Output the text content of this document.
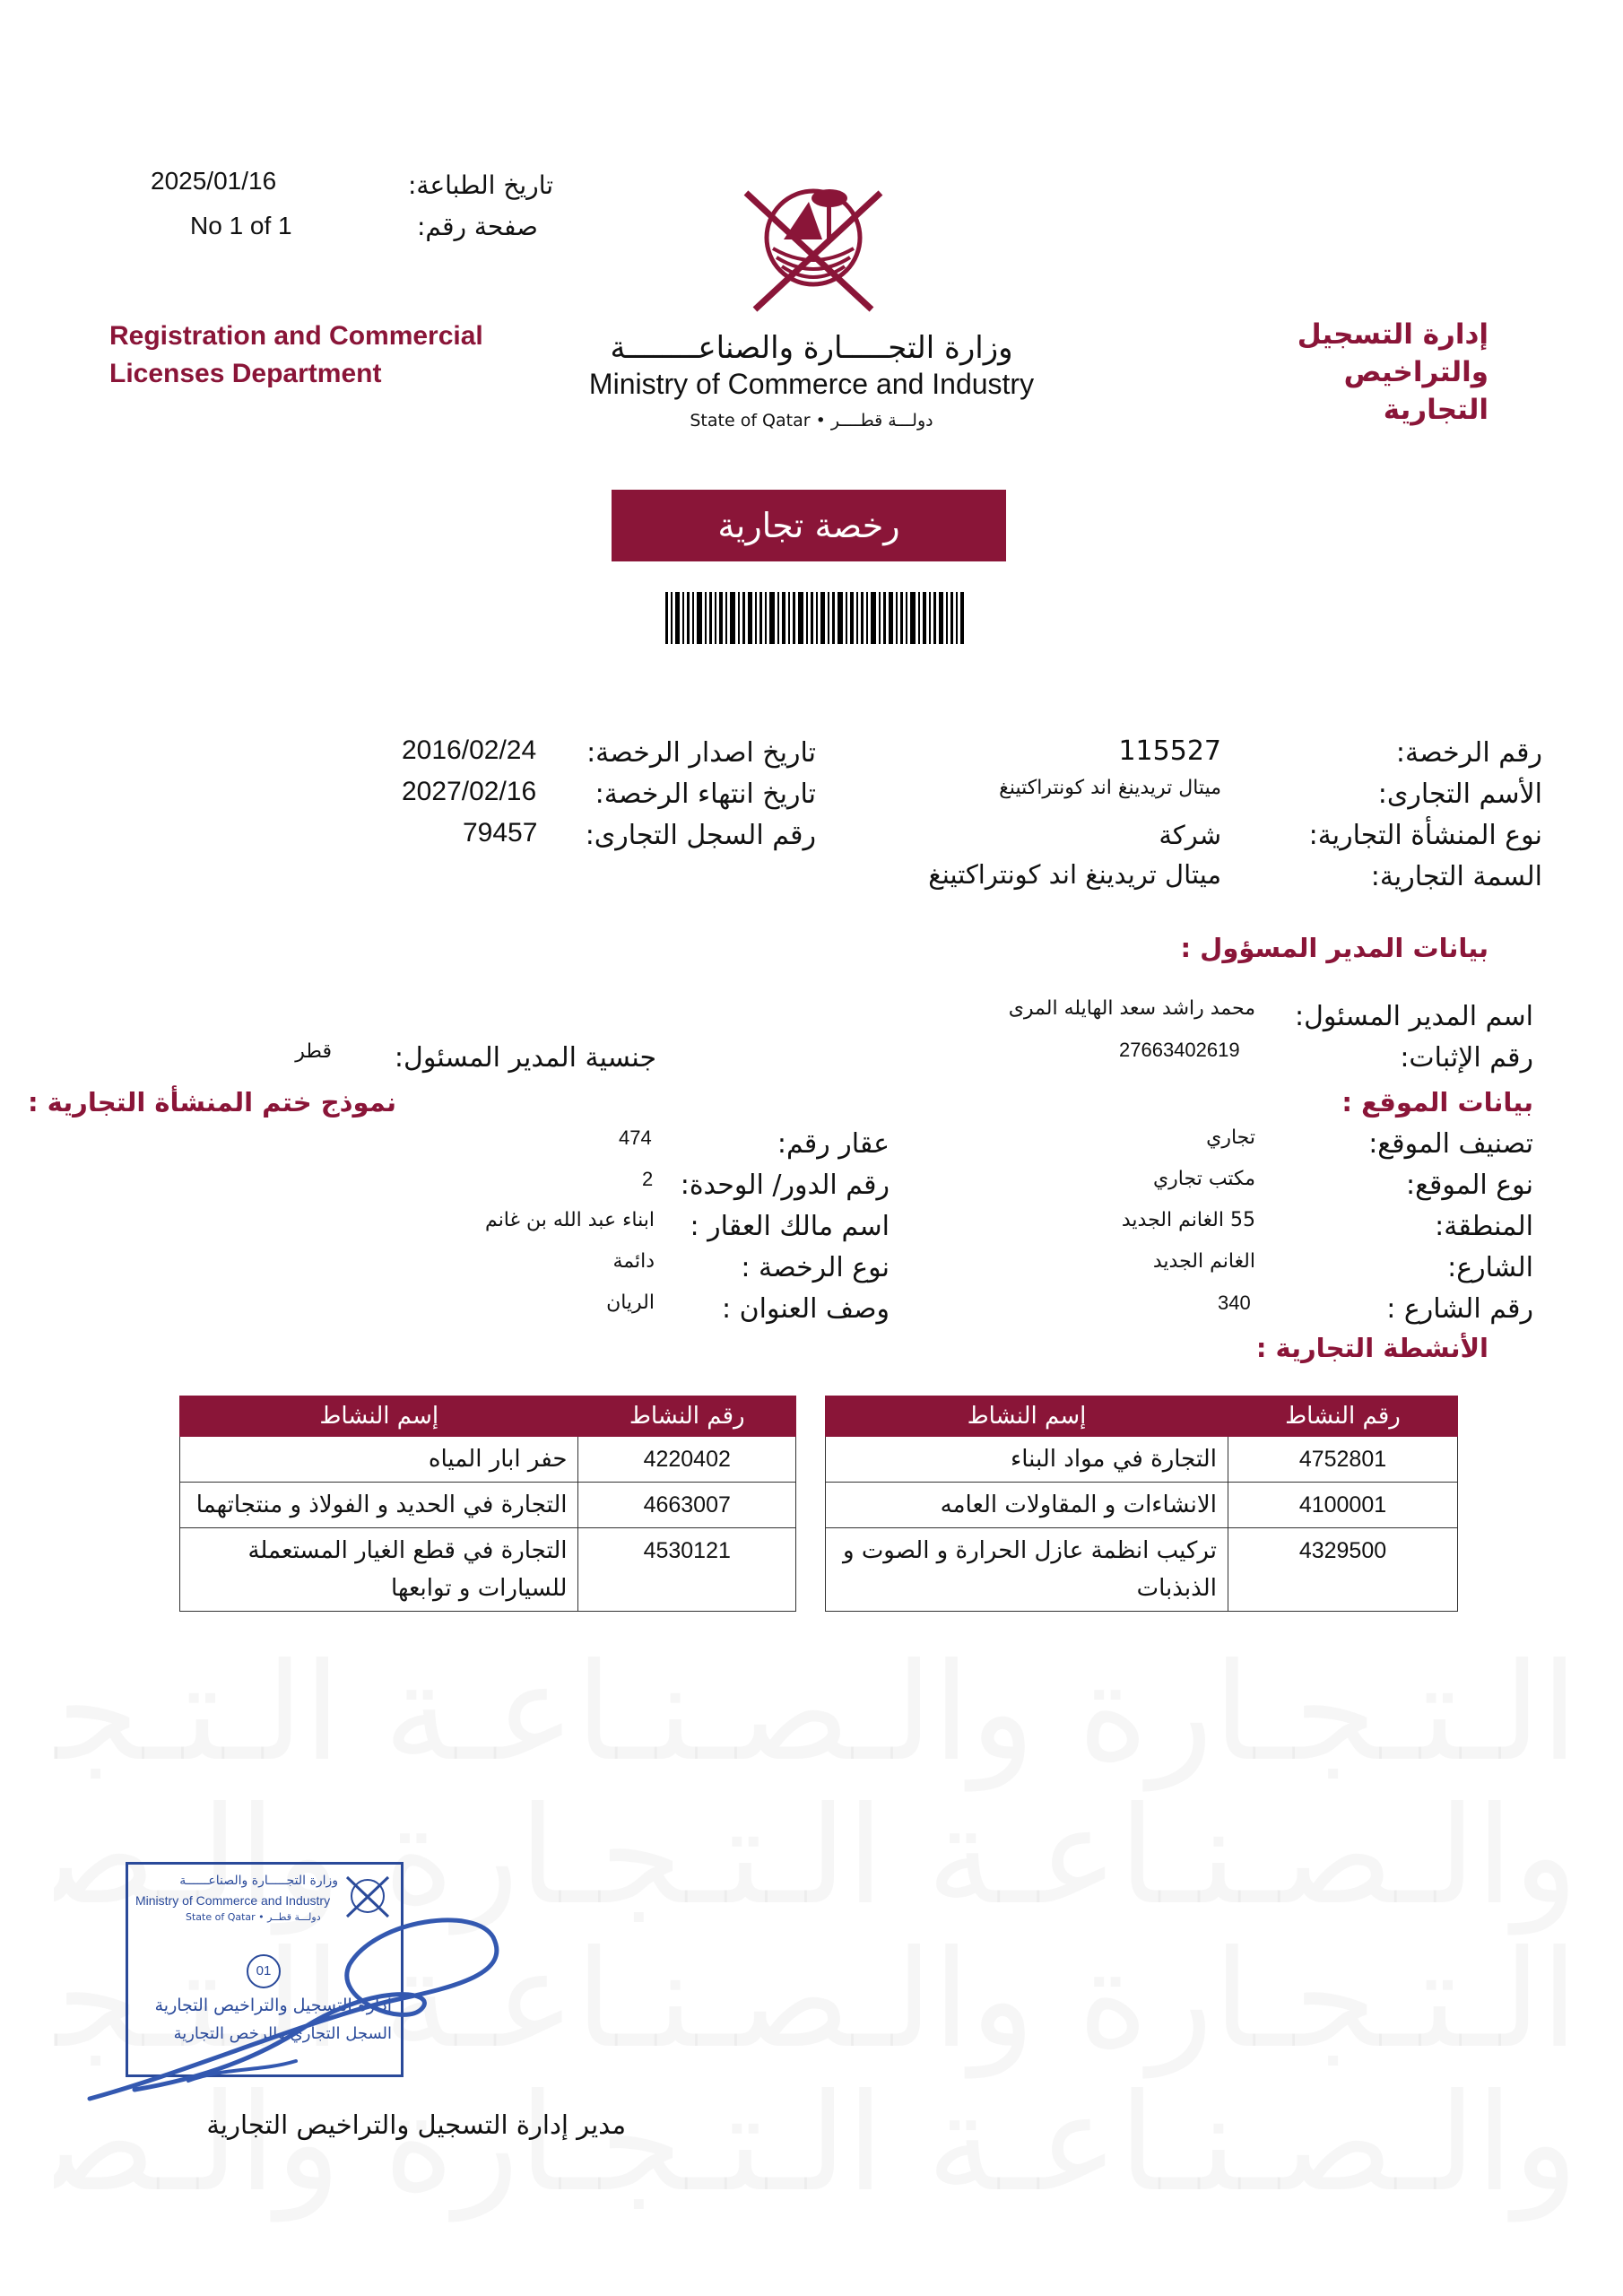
2025/01/16	تاريخ الطباعة:
No 1 of 1	صفحة رقم:
Registration and Commercial
Licenses Department
إدارة التسجيل
والتراخيص التجارية
وزارة التجـــــارة والصناعــــــــة
Ministry of Commerce and Industry
State of Qatar • دولـــة قطــــر
رخصة تجارية
رقم الرخصة:
115527
الأسم التجارى:
ميتال تريدينغ اند كونتراكتينغ
نوع المنشأة التجارية:
شركة
السمة التجارية:
ميتال تريدينغ اند كونتراكتينغ
تاريخ اصدار الرخصة:
2016/02/24
تاريخ انتهاء الرخصة:
2027/02/16
رقم السجل التجارى:
79457
بيانات المدير المسؤول :
اسم المدير المسئول:
محمد راشد سعد الهايله المرى
رقم الإثبات:
27663402619
جنسية المدير المسئول:
قطر
بيانات الموقع :
نموذج ختم المنشأة التجارية :
تصنيف الموقع:
تجاري
نوع الموقع:
مكتب تجاري
المنطقة:
55 الغانم الجديد
الشارع:
الغانم الجديد
رقم الشارع :
340
عقار رقم:
474
رقم الدور/ الوحدة:
2
اسم مالك العقار :
ابناء عبد الله بن غانم
نوع الرخصة :
دائمة
وصف العنوان :
الريان
الأنشطة التجارية :
رقم النشاط	إسم النشاط
4752801	التجارة في مواد البناء
4100001	الانشاءات و المقاولات العامه
4329500	تركيب انظمة عازل الحرارة و الصوت و الذبذبات
رقم النشاط	إسم النشاط
4220402	حفر ابار المياه
4663007	التجارة في الحديد و الفولاذ و منتجاتهما
4530121	التجارة في قطع الغيار المستعملة للسيارات و توابعها
وزارة التجـــــارة والصناعــــــة
Ministry of Commerce and Industry
State of Qatar • دولـــة قطــر
01
إدارة التسجيل والتراخيص التجارية
السجل التجاري والرخص التجارية
مدير إدارة التسجيل والتراخيص التجارية
